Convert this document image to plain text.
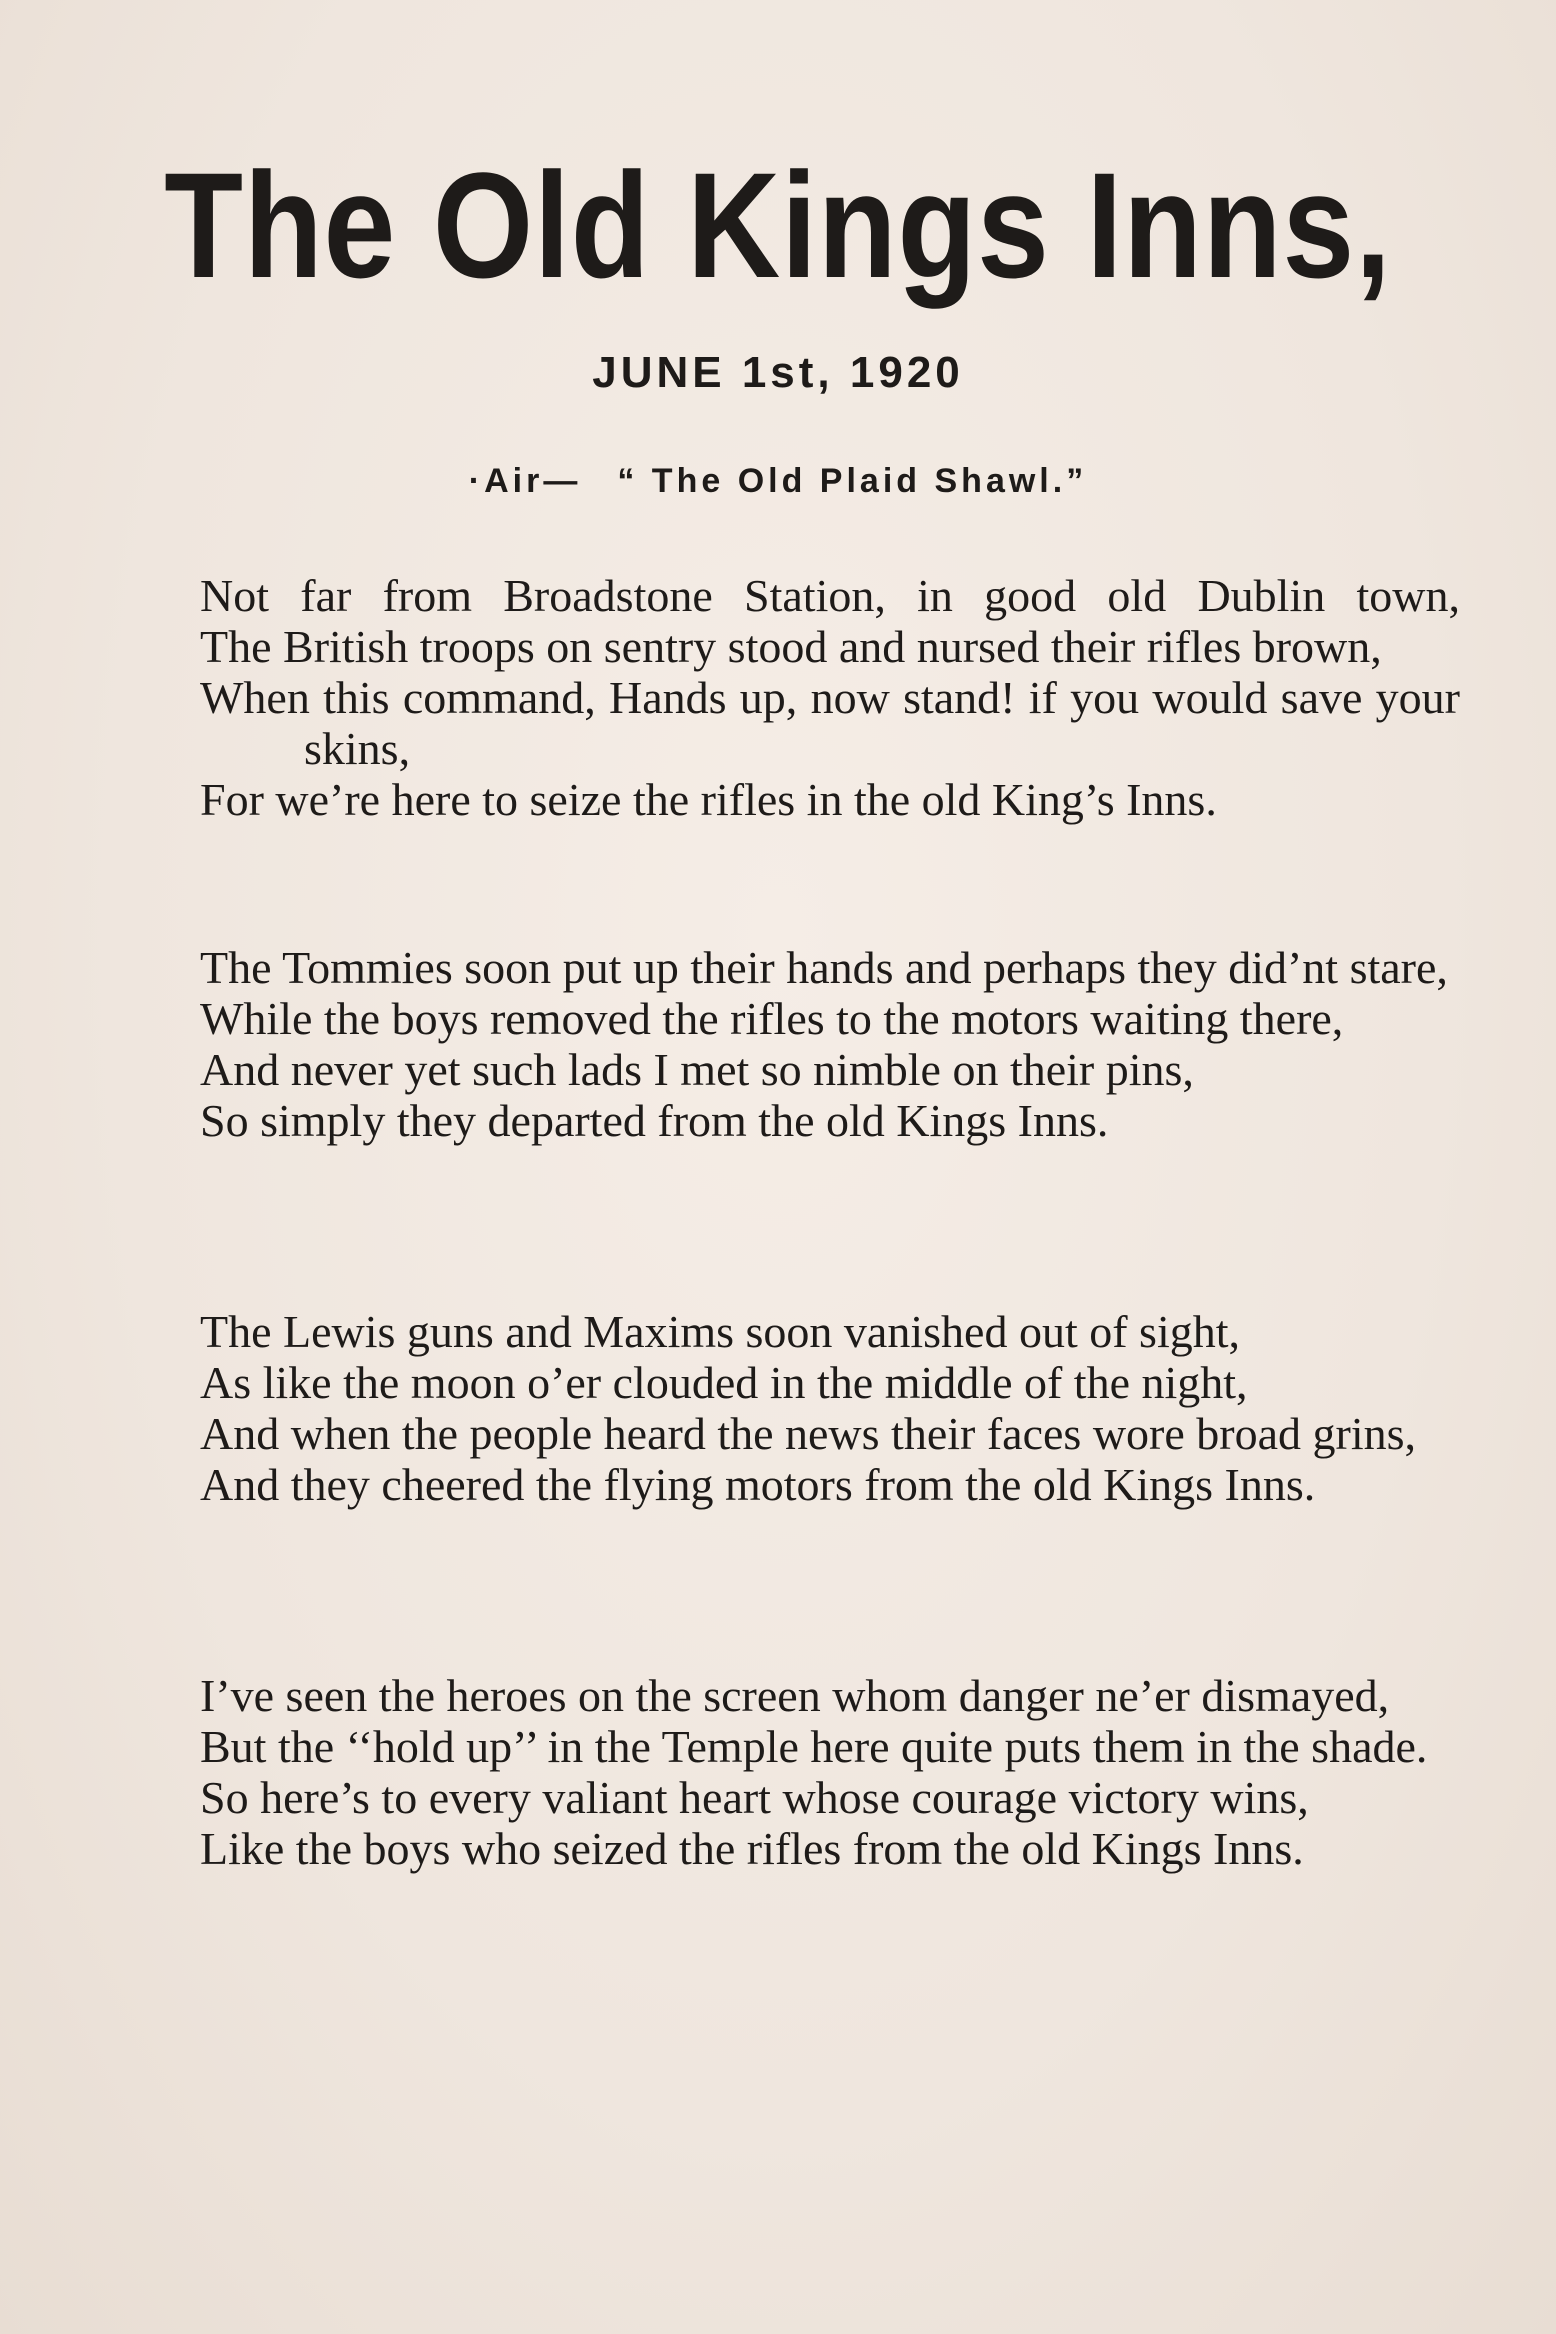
The Old Kings Inns,
JUNE 1st, 1920
·Air— “ The Old Plaid Shawl.”
Not far from Broadstone Station, in good old Dublin town,
The British troops on sentry stood and nursed their rifles brown,
When this command, Hands up, now stand! if you would save your skins,
For we’re here to seize the rifles in the old King’s Inns.
The Tommies soon put up their hands and perhaps they did’nt stare,
While the boys removed the rifles to the motors waiting there,
And never yet such lads I met so nimble on their pins,
So simply they departed from the old Kings Inns.
The Lewis guns and Maxims soon vanished out of sight,
As like the moon o’er clouded in the middle of the night,
And when the people heard the news their faces wore broad grins,
And they cheered the flying motors from the old Kings Inns.
I’ve seen the heroes on the screen whom danger ne’er dismayed,
But the ‘‘hold up’’ in the Temple here quite puts them in the shade.
So here’s to every valiant heart whose courage victory wins,
Like the boys who seized the rifles from the old Kings Inns.
